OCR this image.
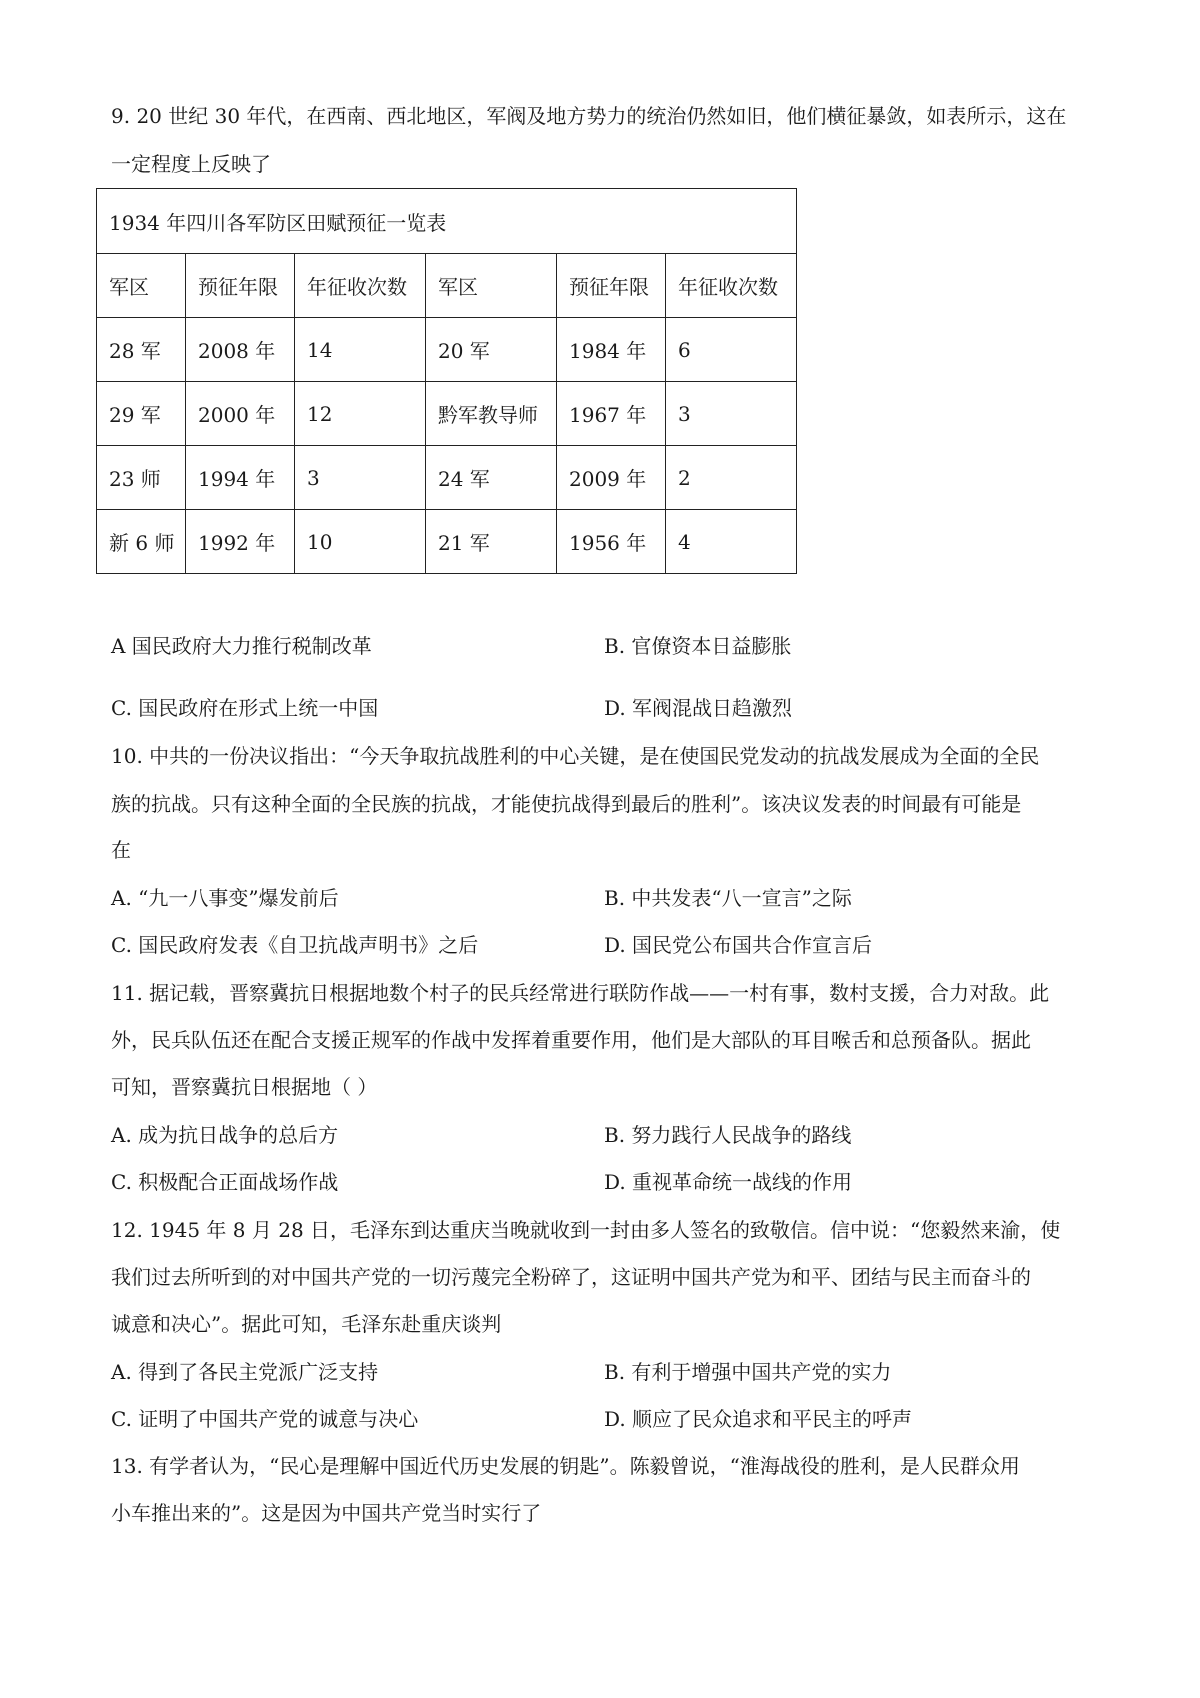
9. 20 世纪 30 年代，在西南、西北地区，军阀及地方势力的统治仍然如旧，他们横征暴敛，如表所示，这在
一定程度上反映了
1934 年四川各军防区田赋预征一览表					
军区	预征年限	年征收次数	军区	预征年限	年征收次数
28 军	2008 年	14	20 军	1984 年	6
29 军	2000 年	12	黔军教导师	1967 年	3
23 师	1994 年	3	24 军	2009 年	2
新 6 师	1992 年	10	21 军	1956 年	4
A 国民政府大力推行税制改革	B. 官僚资本日益膨胀
C. 国民政府在形式上统一中国	D. 军阀混战日趋激烈
10. 中共的一份决议指出：“今天争取抗战胜利的中心关键，是在使国民党发动的抗战发展成为全面的全民
族的抗战。只有这种全面的全民族的抗战，才能使抗战得到最后的胜利”。该决议发表的时间最有可能是
在
A. “九一八事变”爆发前后	B. 中共发表“八一宣言”之际
C. 国民政府发表《自卫抗战声明书》之后	D. 国民党公布国共合作宣言后
11. 据记载，晋察冀抗日根据地数个村子的民兵经常进行联防作战——一村有事，数村支援，合力对敌。此
外，民兵队伍还在配合支援正规军的作战中发挥着重要作用，他们是大部队的耳目喉舌和总预备队。据此
可知，晋察冀抗日根据地（ ）
A. 成为抗日战争的总后方	B. 努力践行人民战争的路线
C. 积极配合正面战场作战	D. 重视革命统一战线的作用
12. 1945 年 8 月 28 日，毛泽东到达重庆当晚就收到一封由多人签名的致敬信。信中说：“您毅然来渝，使
我们过去所听到的对中国共产党的一切污蔑完全粉碎了，这证明中国共产党为和平、团结与民主而奋斗的
诚意和决心”。据此可知，毛泽东赴重庆谈判
A. 得到了各民主党派广泛支持	B. 有利于增强中国共产党的实力
C. 证明了中国共产党的诚意与决心	D. 顺应了民众追求和平民主的呼声
13. 有学者认为，“民心是理解中国近代历史发展的钥匙”。陈毅曾说，“淮海战役的胜利，是人民群众用
小车推出来的”。这是因为中国共产党当时实行了
